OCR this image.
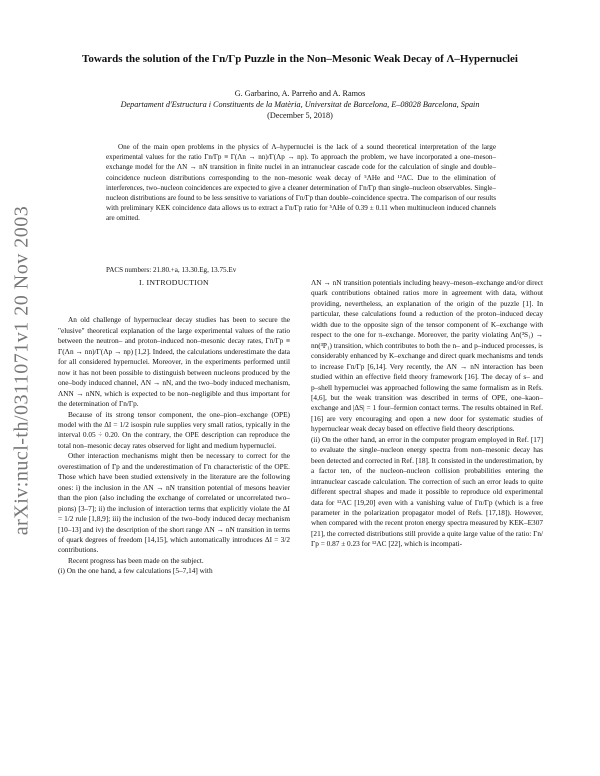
arXiv:nucl-th/0311071v1 20 Nov 2003
Towards the solution of the Γn/Γp Puzzle in the Non–Mesonic Weak Decay of Λ–Hypernuclei
G. Garbarino, A. Parreño and A. Ramos
Departament d'Estructura i Constituents de la Matèria, Universitat de Barcelona, E–08028 Barcelona, Spain
(December 5, 2018)

One of the main open problems in the physics of Λ–hypernuclei is the lack of a sound theoretical interpretation of the large experimental values for the ratio Γn/Γp ≡ Γ(Λn → nn)/Γ(Λp → np). To approach the problem, we have incorporated a one–meson–exchange model for the ΛN → nN transition in finite nuclei in an intranuclear cascade code for the calculation of single and double–coincidence nucleon distributions corresponding to the non–mesonic weak decay of ⁵ΛHe and ¹²ΛC. Due to the elimination of interferences, two–nucleon coincidences are expected to give a cleaner determination of Γn/Γp than single–nucleon observables. Single–nucleon distributions are found to be less sensitive to variations of Γn/Γp than double–coincidence spectra. The comparison of our results with preliminary KEK coincidence data allows us to extract a Γn/Γp ratio for ⁵ΛHe of 0.39 ± 0.11 when multinucleon induced channels are omitted.

PACS numbers: 21.80.+a, 13.30.Eg, 13.75.Ev
I. INTRODUCTION

An old challenge of hypernuclear decay studies has been to secure the "elusive" theoretical explanation of the large experimental values of the ratio between the neutron– and proton–induced non–mesonic decay rates, Γn/Γp ≡ Γ(Λn → nn)/Γ(Λp → np) [1,2]. Indeed, the calculations underestimate the data for all considered hypernuclei. Moreover, in the experiments performed until now it has not been possible to distinguish between nucleons produced by the one–body induced channel, ΛN → nN, and the two–body induced mechanism, ΛNN → nNN, which is expected to be non–negligible and thus important for the determination of Γn/Γp.

Because of its strong tensor component, the one–pion–exchange (OPE) model with the ΔI = 1/2 isospin rule supplies very small ratios, typically in the interval 0.05 ÷ 0.20. On the contrary, the OPE description can reproduce the total non–mesonic decay rates observed for light and medium hypernuclei.

Other interaction mechanisms might then be necessary to correct for the overestimation of Γp and the underestimation of Γn characteristic of the OPE. Those which have been studied extensively in the literature are the following ones: i) the inclusion in the ΛN → nN transition potential of mesons heavier than the pion (also including the exchange of correlated or uncorrelated two–pions) [3–7]; ii) the inclusion of interaction terms that explicitly violate the ΔI = 1/2 rule [1,8,9]; iii) the inclusion of the two–body induced decay mechanism [10–13] and iv) the description of the short range ΛN → nN transition in terms of quark degrees of freedom [14,15], which automatically introduces ΔI = 3/2 contributions.

Recent progress has been made on the subject.

(i) On the one hand, a few calculations [5–7,14] with

ΛN → nN transition potentials including heavy–meson–exchange and/or direct quark contributions obtained ratios more in agreement with data, without providing, nevertheless, an explanation of the origin of the puzzle [1]. In particular, these calculations found a reduction of the proton–induced decay width due to the opposite sign of the tensor component of K–exchange with respect to the one for π–exchange. Moreover, the parity violating Λn(³S₁) → nn(³P₁) transition, which contributes to both the n– and p–induced processes, is considerably enhanced by K–exchange and direct quark mechanisms and tends to increase Γn/Γp [6,14]. Very recently, the ΛN → nN interaction has been studied within an effective field theory framework [16]. The decay of s– and p–shell hypernuclei was approached following the same formalism as in Refs. [4,6], but the weak transition was described in terms of OPE, one–kaon–exchange and |ΔS| = 1 four–fermion contact terms. The results obtained in Ref. [16] are very encouraging and open a new door for systematic studies of hypernuclear weak decay based on effective field theory descriptions.

(ii) On the other hand, an error in the computer program employed in Ref. [17] to evaluate the single–nucleon energy spectra from non–mesonic decay has been detected and corrected in Ref. [18]. It consisted in the underestimation, by a factor ten, of the nucleon–nucleon collision probabilities entering the intranuclear cascade calculation. The correction of such an error leads to quite different spectral shapes and made it possible to reproduce old experimental data for ¹²ΛC [19,20] even with a vanishing value of Γn/Γp (which is a free parameter in the polarization propagator model of Refs. [17,18]). However, when compared with the recent proton energy spectra measured by KEK–E307 [21], the corrected distributions still provide a quite large value of the ratio: Γn/Γp = 0.87 ± 0.23 for ¹²ΛC [22], which is incompati-
